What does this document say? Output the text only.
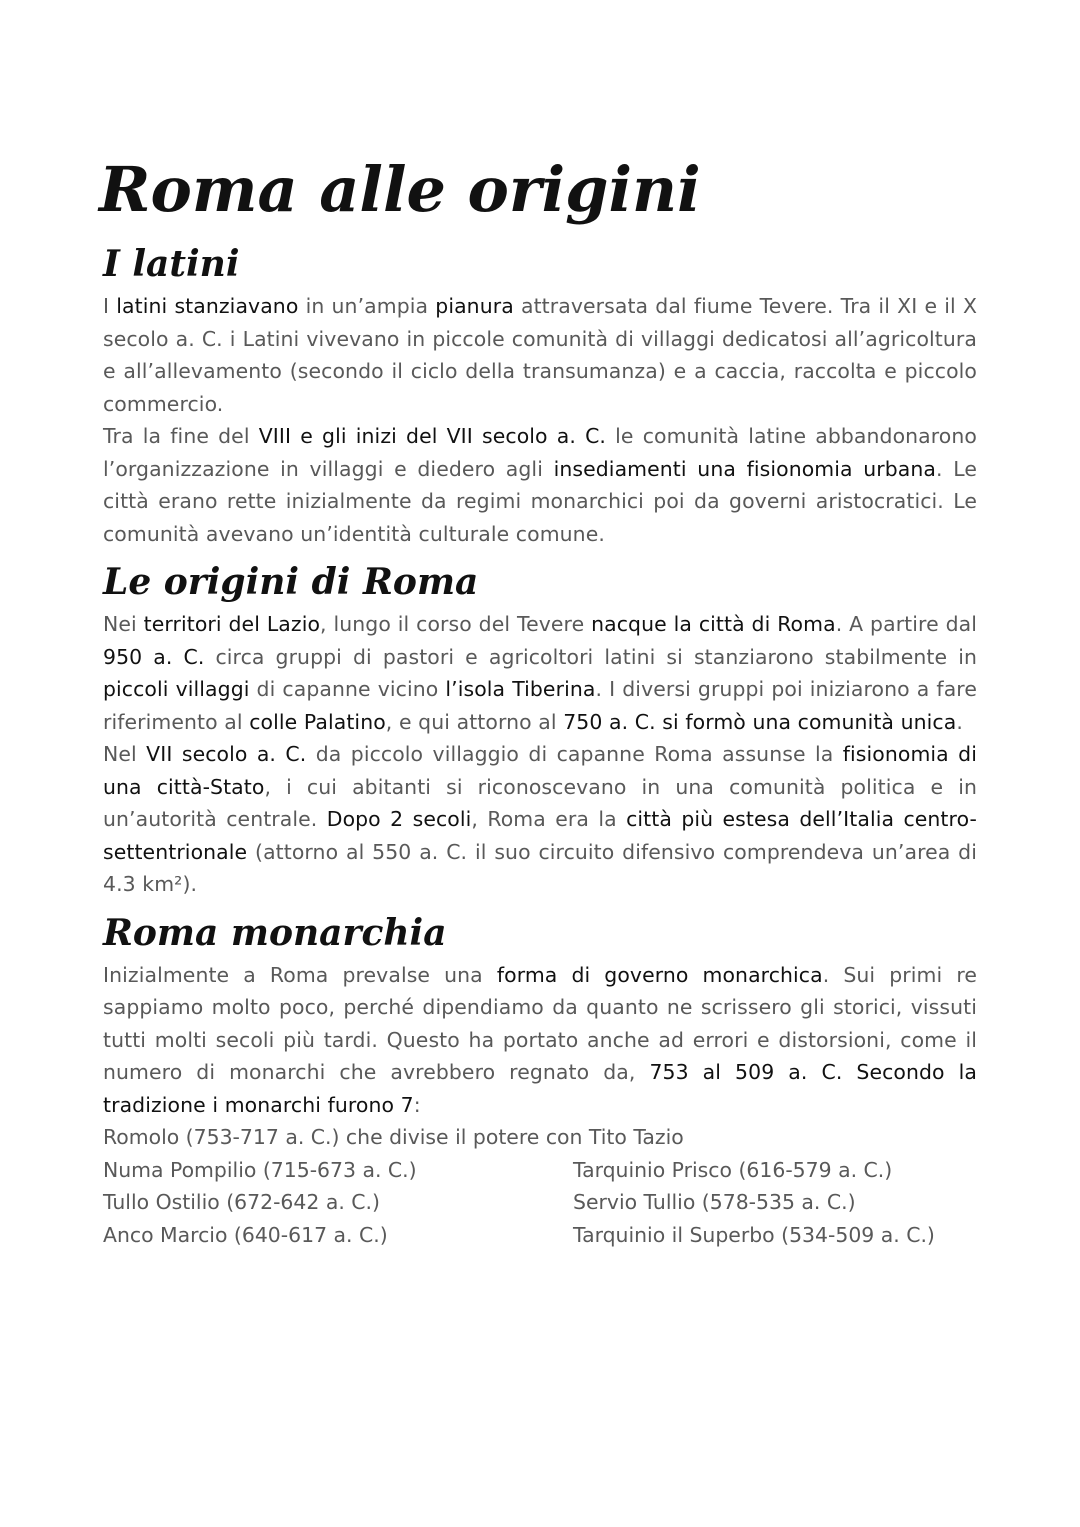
Roma alle origini
I latini

I latini stanziavano in un’ampia pianura attraversata dal fiume Tevere. Tra il XI e il X secolo a. C. i Latini vivevano in piccole comunità di villaggi dedicatosi all’agricoltura e all’allevamento (secondo il ciclo della transumanza) e a caccia, raccolta e piccolo commercio.

Tra la fine del VIII e gli inizi del VII secolo a. C. le comunità latine abbandonarono l’organizzazione in villaggi e diedero agli insediamenti una fisionomia urbana. Le città erano rette inizialmente da regimi monarchici poi da governi aristocratici. Le comunità avevano un’identità culturale comune.

Le origini di Roma

Nei territori del Lazio, lungo il corso del Tevere nacque la città di Roma. A partire dal 950 a. C. circa gruppi di pastori e agricoltori latini si stanziarono stabilmente in piccoli villaggi di capanne vicino l’isola Tiberina. I diversi gruppi poi iniziarono a fare riferimento al colle Palatino, e qui attorno al 750 a. C. si formò una comunità unica.

Nel VII secolo a. C. da piccolo villaggio di capanne Roma assunse la fisionomia di una città-Stato, i cui abitanti si riconoscevano in una comunità politica e in un’autorità centrale. Dopo 2 secoli, Roma era la città più estesa dell’Italia centro-settentrionale (attorno al 550 a. C. il suo circuito difensivo comprendeva un’area di 4.3 km²).

Roma monarchia

Inizialmente a Roma prevalse una forma di governo monarchica. Sui primi re sappiamo molto poco, perché dipendiamo da quanto ne scrissero gli storici, vissuti tutti molti secoli più tardi. Questo ha portato anche ad errori e distorsioni, come il numero di monarchi che avrebbero regnato da, 753 al 509 a. C. Secondo la tradizione i monarchi furono 7:

Romolo (753-717 a. C.) che divise il potere con Tito Tazio
Numa Pompilio (715-673 a. C.)	Tarquinio Prisco (616-579 a. C.)
Tullo Ostilio (672-642 a. C.)	Servio Tullio (578-535 a. C.)
Anco Marcio (640-617 a. C.)	Tarquinio il Superbo (534-509 a. C.)
